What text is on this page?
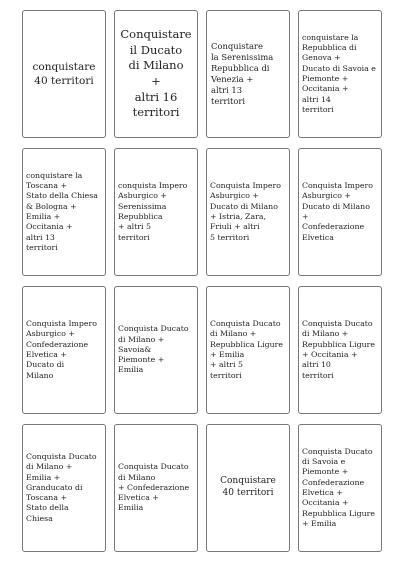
conquistare
40 territori
Conquistare
il Ducato
di Milano
+
altri 16
territori
Conquistare
la Serenissima
Repubblica di
Venezia +
altri 13
territori
conquistare la
Repubblica di
Genova +
Ducato di Savoia e
Piemonte +
Occitania +
altri 14
territori
conquistare la
Toscana +
Stato della Chiesa
& Bologna +
Emilia +
Occitania +
altri 13
territori
conquista Impero
Asburgico +
Serenissima
Repubblica
+ altri 5
territori
Conquista Impero
Asburgico +
Ducato di Milano
+ Istria, Zara,
Friuli + altri
5 territori
Conquista Impero
Asburgico +
Ducato di Milano
+
Confederazione
Elvetica
Conquista Impero
Asburgico +
Confederazione
Elvetica +
Ducato di
Milano
Conquista Ducato
di Milano +
Savoia&
Piemonte +
Emilia
Conquista Ducato
di Milano +
Repubblica Ligure
+ Emilia
+ altri 5
territori
Conquista Ducato
di Milano +
Repubblica Ligure
+ Occitania +
altri 10
territori
Conquista Ducato
di Milano +
Emilia +
Granducato di
Toscana +
Stato della
Chiesa
Conquista Ducato
di Milano
+ Confederazione
Elvetica +
Emilia
Conquistare
40 territori
Conquista Ducato
di Savoia e
Piemonte +
Confederazione
Elvetica +
Occitania +
Repubblica Ligure
+ Emilia
